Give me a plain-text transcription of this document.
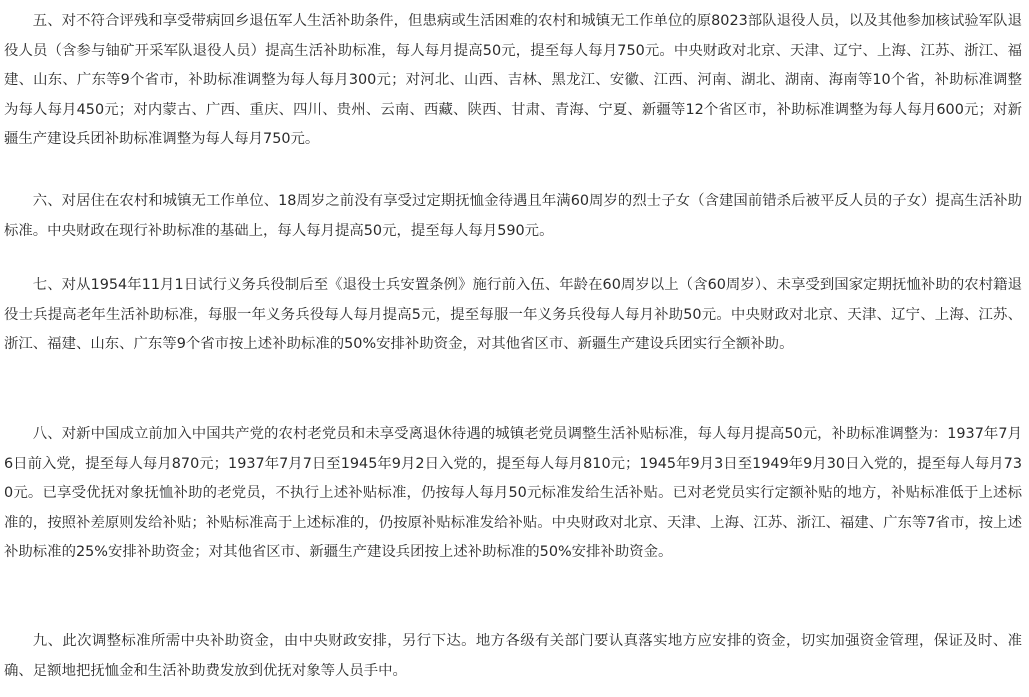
五、对不符合评残和享受带病回乡退伍军人生活补助条件，但患病或生活困难的农村和城镇无工作单位的原8023部队退役人员，以及其他参加核试验军队退役人员（含参与铀矿开采军队退役人员）提高生活补助标准，每人每月提高50元，提至每人每月750元。中央财政对北京、天津、辽宁、上海、江苏、浙江、福建、山东、广东等9个省市，补助标准调整为每人每月300元；对河北、山西、吉林、黑龙江、安徽、江西、河南、湖北、湖南、海南等10个省，补助标准调整为每人每月450元；对内蒙古、广西、重庆、四川、贵州、云南、西藏、陕西、甘肃、青海、宁夏、新疆等12个省区市，补助标准调整为每人每月600元；对新疆生产建设兵团补助标准调整为每人每月750元。

六、对居住在农村和城镇无工作单位、18周岁之前没有享受过定期抚恤金待遇且年满60周岁的烈士子女（含建国前错杀后被平反人员的子女）提高生活补助标准。中央财政在现行补助标准的基础上，每人每月提高50元，提至每人每月590元。

七、对从1954年11月1日试行义务兵役制后至《退役士兵安置条例》施行前入伍、年龄在60周岁以上（含60周岁）、未享受到国家定期抚恤补助的农村籍退役士兵提高老年生活补助标准，每服一年义务兵役每人每月提高5元，提至每服一年义务兵役每人每月补助50元。中央财政对北京、天津、辽宁、上海、江苏、浙江、福建、山东、广东等9个省市按上述补助标准的50%安排补助资金，对其他省区市、新疆生产建设兵团实行全额补助。

八、对新中国成立前加入中国共产党的农村老党员和未享受离退休待遇的城镇老党员调整生活补贴标准，每人每月提高50元，补助标准调整为：1937年7月6日前入党，提至每人每月870元；1937年7月7日至1945年9月2日入党的，提至每人每月810元；1945年9月3日至1949年9月30日入党的，提至每人每月730元。已享受优抚对象抚恤补助的老党员，不执行上述补贴标准，仍按每人每月50元标准发给生活补贴。已对老党员实行定额补贴的地方，补贴标准低于上述标准的，按照补差原则发给补贴；补贴标准高于上述标准的，仍按原补贴标准发给补贴。中央财政对北京、天津、上海、江苏、浙江、福建、广东等7省市，按上述补助标准的25%安排补助资金；对其他省区市、新疆生产建设兵团按上述补助标准的50%安排补助资金。

九、此次调整标准所需中央补助资金，由中央财政安排，另行下达。地方各级有关部门要认真落实地方应安排的资金，切实加强资金管理，保证及时、准确、足额地把抚恤金和生活补助费发放到优抚对象等人员手中。
